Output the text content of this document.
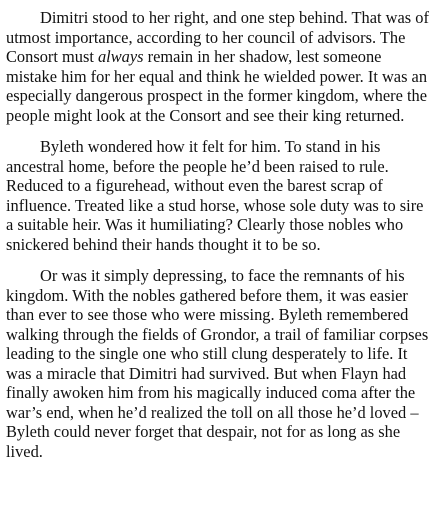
Dimitri stood to her right, and one step behind. That was of utmost importance, according to her council of advisors. The Consort must always remain in her shadow, lest someone mistake him for her equal and think he wielded power. It was an especially dangerous prospect in the former kingdom, where the people might look at the Consort and see their king returned.

Byleth wondered how it felt for him. To stand in his ancestral home, before the people he’d been raised to rule. Reduced to a figurehead, without even the barest scrap of influence. Treated like a stud horse, whose sole duty was to sire a suitable heir. Was it humiliating? Clearly those nobles who snickered behind their hands thought it to be so.

Or was it simply depressing, to face the remnants of his kingdom. With the nobles gathered before them, it was easier than ever to see those who were missing. Byleth remembered walking through the fields of Grondor, a trail of familiar corpses leading to the single one who still clung desperately to life. It was a miracle that Dimitri had survived. But when Flayn had finally awoken him from his magically induced coma after the war’s end, when he’d realized the toll on all those he’d loved – Byleth could never forget that despair, not for as long as she lived.
